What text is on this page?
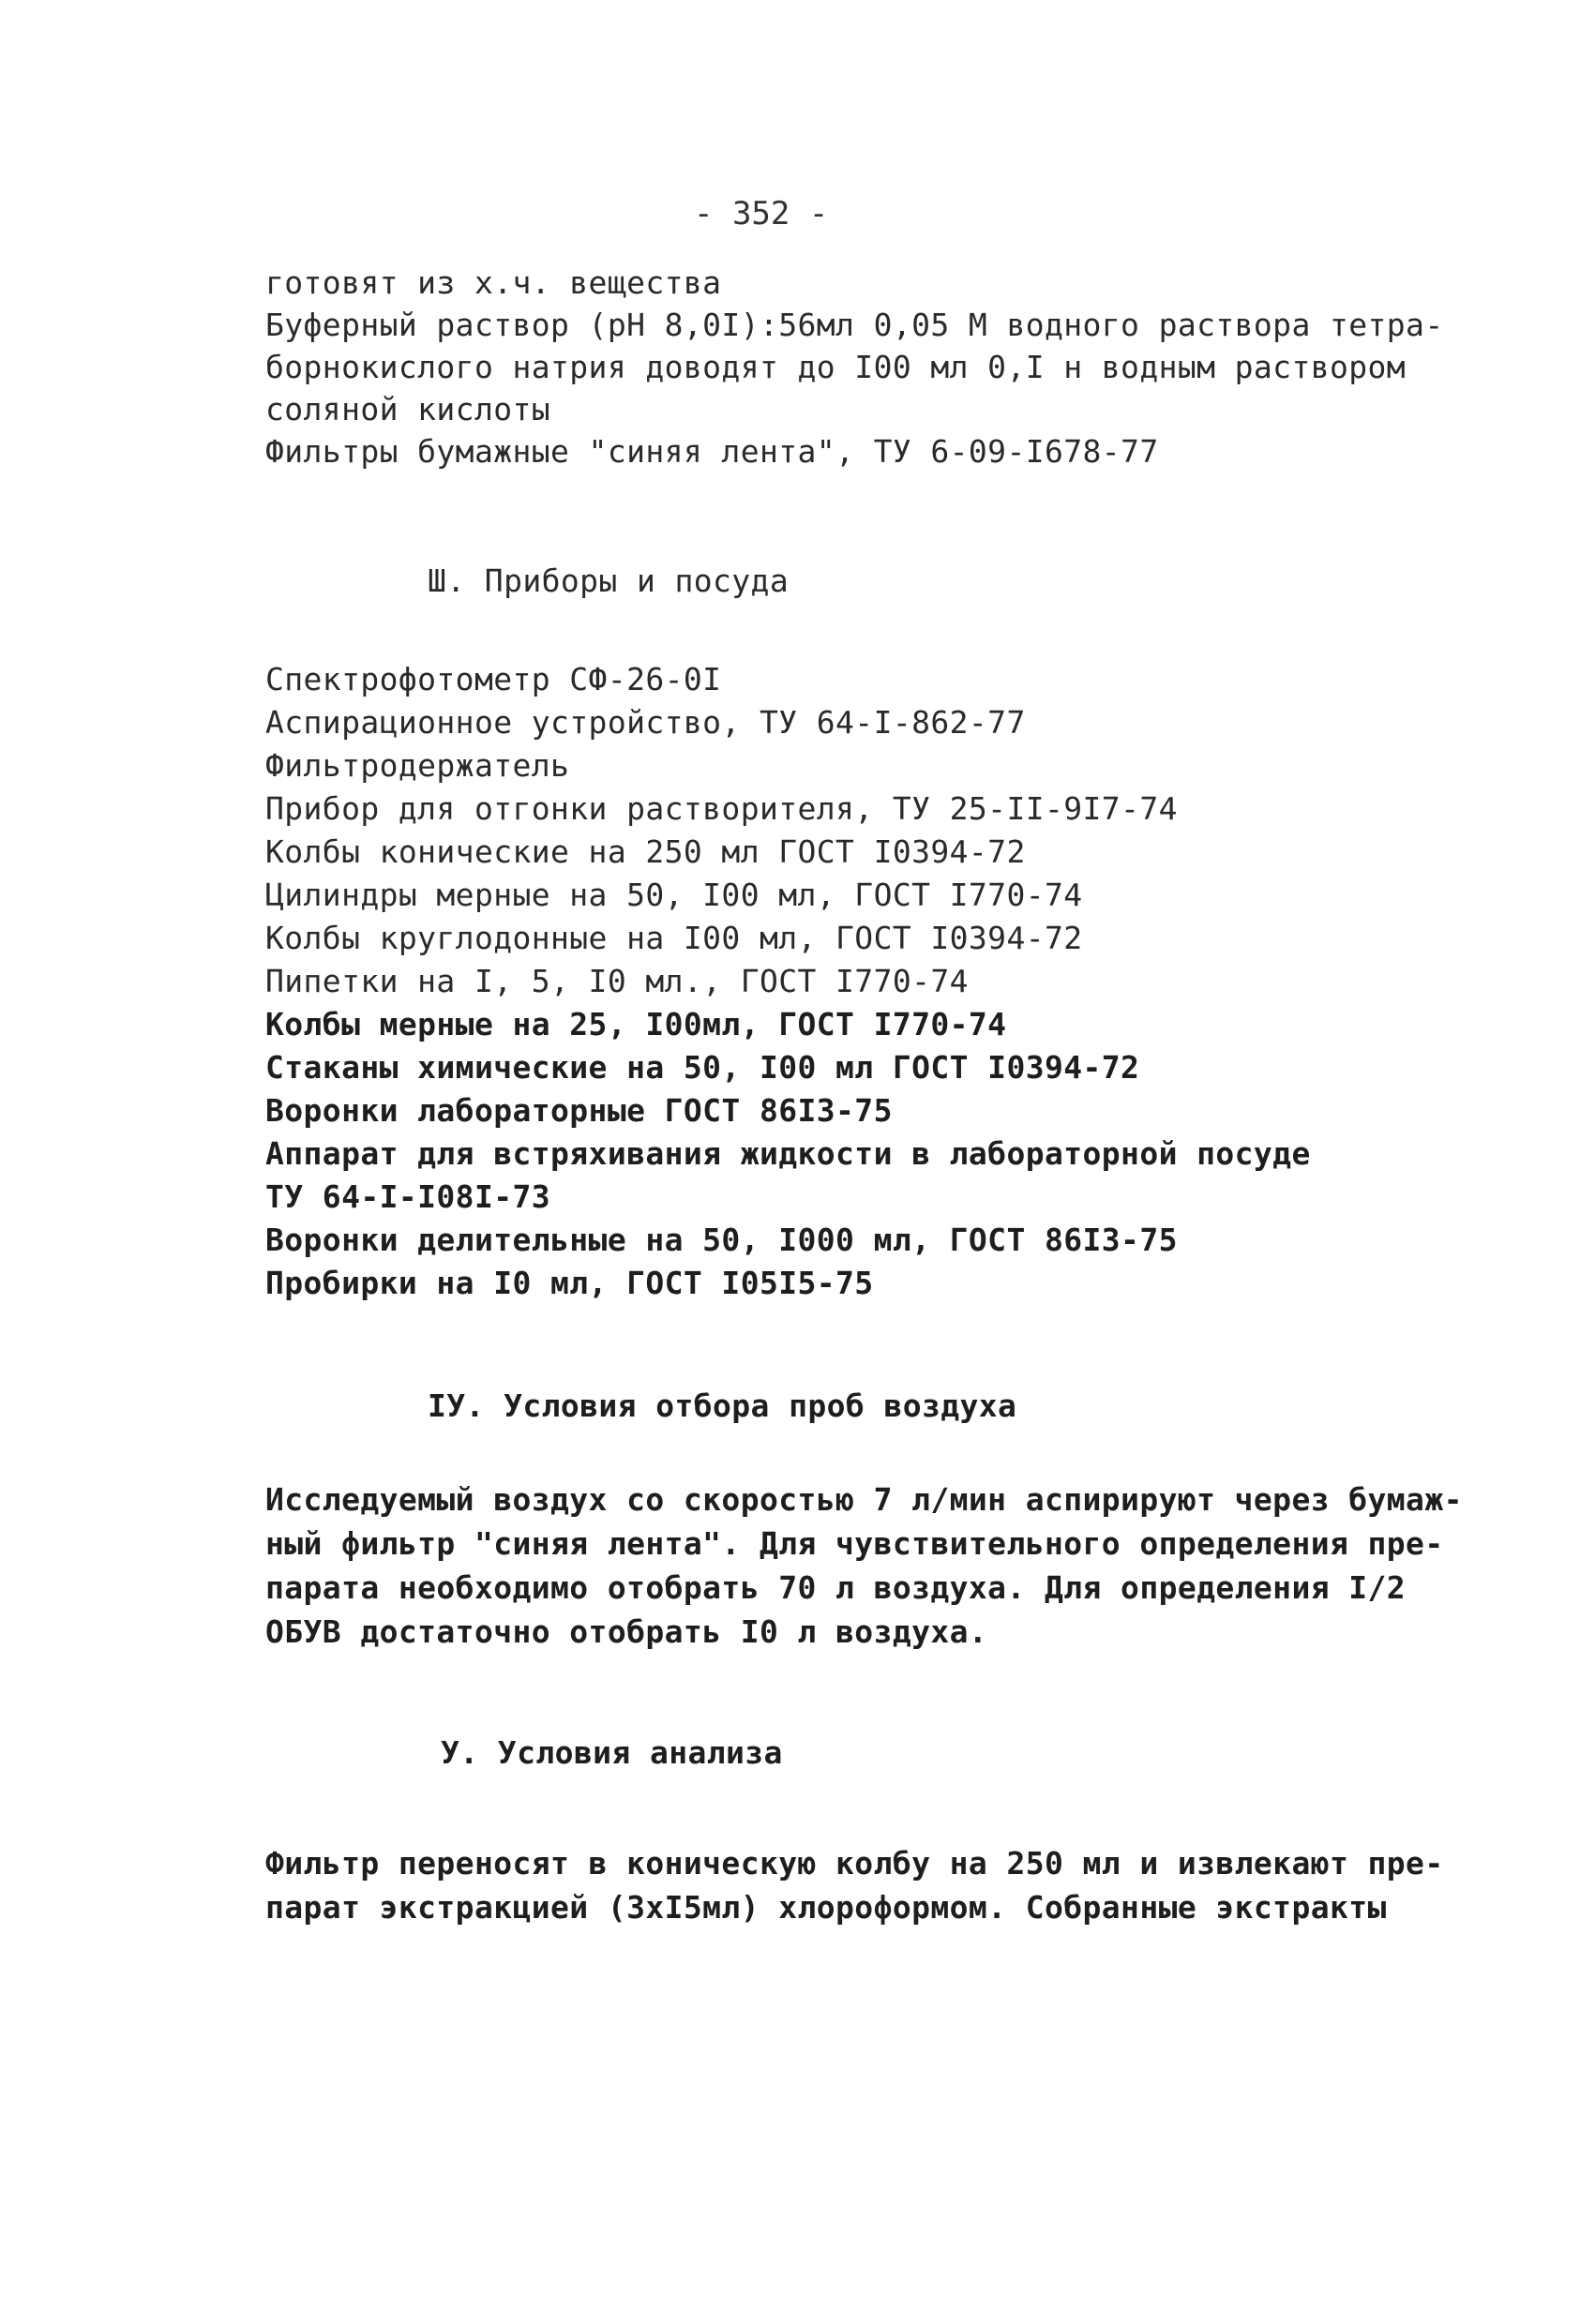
- 352 -
готовят из х.ч. вещества
Буферный раствор (pH 8,0I):56мл 0,05 М водного раствора тетра-
борнокислого натрия доводят до I00 мл 0,I н водным раствором
соляной кислоты
Фильтры бумажные "синяя лента", ТУ 6-09-I678-77
Ш. Приборы и посуда
Спектрофотометр СФ-26-0I
Аспирационное устройство, ТУ 64-I-862-77
Фильтродержатель
Прибор для отгонки растворителя, ТУ 25-II-9I7-74
Колбы конические на 250 мл ГОСТ I0394-72
Цилиндры мерные на 50, I00 мл, ГОСТ I770-74
Колбы круглодонные на I00 мл, ГОСТ I0394-72
Пипетки на I, 5, I0 мл., ГОСТ I770-74
Колбы мерные на 25, I00мл, ГОСТ I770-74
Стаканы химические на 50, I00 мл ГОСТ I0394-72
Воронки лабораторные ГОСТ 86I3-75
Аппарат для встряхивания жидкости в лабораторной посуде
ТУ 64-I-I08I-73
Воронки делительные на 50, I000 мл, ГОСТ 86I3-75
Пробирки на I0 мл, ГОСТ I05I5-75
IУ. Условия отбора проб воздуха
Исследуемый воздух со скоростью 7 л/мин аспирируют через бумаж-
ный фильтр "синяя лента". Для чувствительного определения пре-
парата необходимо отобрать 70 л воздуха. Для определения I/2
ОБУВ достаточно отобрать I0 л воздуха.
У. Условия анализа
Фильтр переносят в коническую колбу на 250 мл и извлекают пре-
парат экстракцией (3хI5мл) хлороформом. Собранные экстракты
